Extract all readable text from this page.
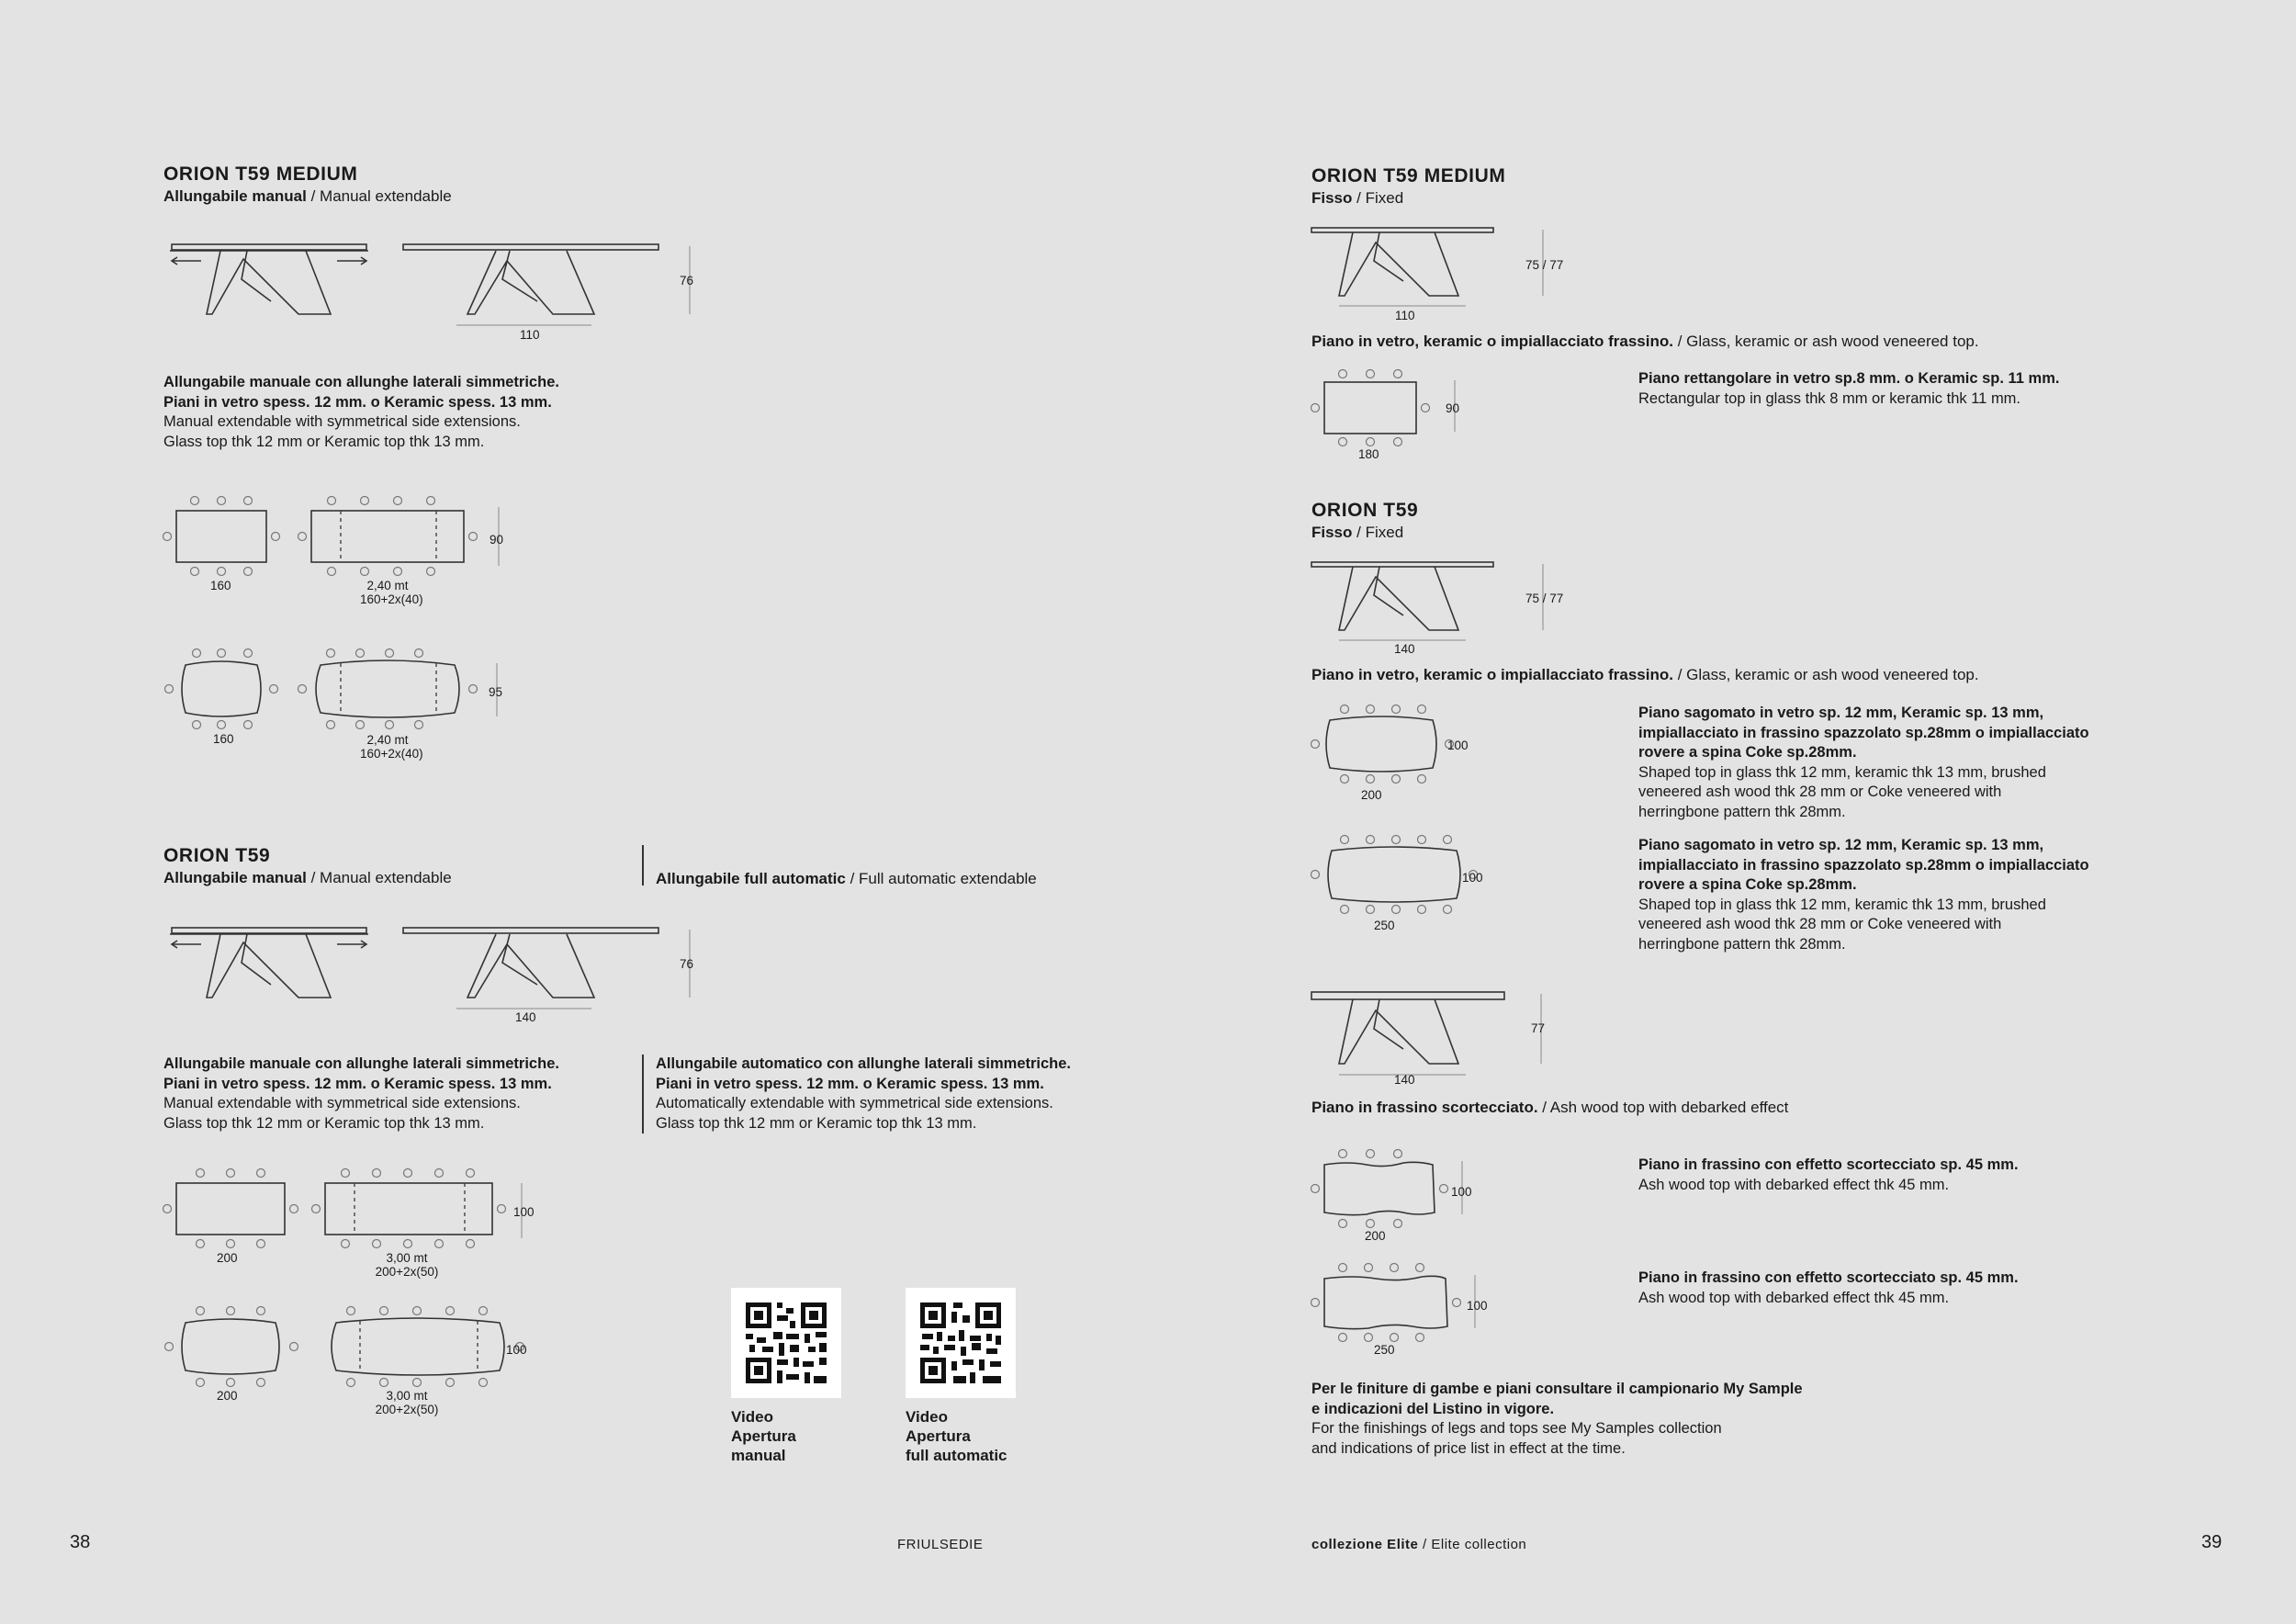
ORION T59 MEDIUM

Allungabile manual / Manual extendable

76
110

Allungabile manuale con allunghe laterali simmetriche.
Piani in vetro spess. 12 mm. o Keramic spess. 13 mm.
Manual extendable with symmetrical side extensions.
Glass top thk 12 mm or Keramic top thk 13 mm.

160	2,40 mt
160+2x(40)
90
160	2,40 mt
160+2x(40)
95

ORION T59

Allungabile manual / Manual extendable	Allungabile full automatic / Full automatic extendable
76
140

Allungabile manuale con allunghe laterali simmetriche.
Piani in vetro spess. 12 mm. o Keramic spess. 13 mm.
Manual extendable with symmetrical side extensions.
Glass top thk 12 mm or Keramic top thk 13 mm.

Allungabile automatico con allunghe laterali simmetriche.
Piani in vetro spess. 12 mm. o Keramic spess. 13 mm.
Automatically extendable with symmetrical side extensions.
Glass top thk 12 mm or Keramic top thk 13 mm.

200	3,00 mt
200+2x(50)
100
200	3,00 mt
200+2x(50)
100
Video
Apertura
manual
Video
Apertura
full automatic
38	FRIULSEDIE

ORION T59 MEDIUM

Fisso / Fixed

75 / 77
110
Piano in vetro, keramic o impiallacciato frassino. / Glass, keramic or ash wood veneered top.
180
90

Piano rettangolare in vetro sp.8 mm. o Keramic sp. 11 mm.
Rectangular top in glass thk 8 mm or keramic thk 11 mm.

ORION T59

Fisso / Fixed

75 / 77
140
Piano in vetro, keramic o impiallacciato frassino. / Glass, keramic or ash wood veneered top.
200
100
250
100

Piano sagomato in vetro sp. 12 mm, Keramic sp. 13 mm,
impiallacciato in frassino spazzolato sp.28mm o impiallacciato
rovere a spina Coke sp.28mm.
Shaped top in glass thk 12 mm, keramic thk 13 mm, brushed
veneered ash wood thk 28 mm or Coke veneered with
herringbone pattern thk 28mm.

Piano sagomato in vetro sp. 12 mm, Keramic sp. 13 mm,
impiallacciato in frassino spazzolato sp.28mm o impiallacciato
rovere a spina Coke sp.28mm.
Shaped top in glass thk 12 mm, keramic thk 13 mm, brushed
veneered ash wood thk 28 mm or Coke veneered with
herringbone pattern thk 28mm.

77
140
Piano in frassino scortecciato. / Ash wood top with debarked effect
200
100
250
100

Piano in frassino con effetto scortecciato sp. 45 mm.
Ash wood top with debarked effect thk 45 mm.

Piano in frassino con effetto scortecciato sp. 45 mm.
Ash wood top with debarked effect thk 45 mm.

Per le finiture di gambe e piani consultare il campionario My Sample
e indicazioni del Listino in vigore.
For the finishings of legs and tops see My Samples collection
and indications of price list in effect at the time.

collezione Elite / Elite collection	39
